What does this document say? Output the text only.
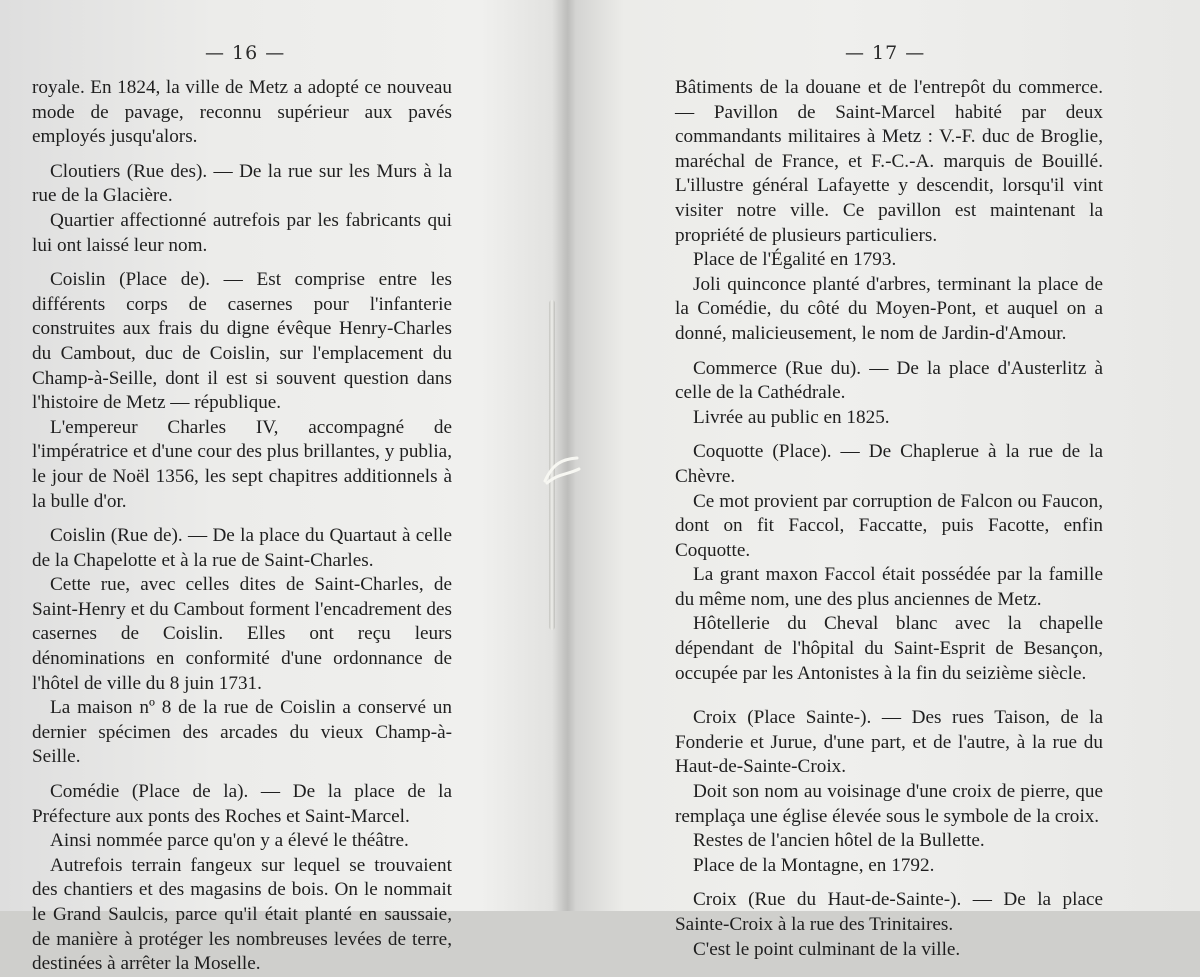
— 16 —

royale. En 1824, la ville de Metz a adopté ce nouveau mode de pavage, reconnu supérieur aux pavés employés jusqu'alors.

Cloutiers (Rue des). — De la rue sur les Murs à la rue de la Glacière.

Quartier affectionné autrefois par les fabricants qui lui ont laissé leur nom.

Coislin (Place de). — Est comprise entre les différents corps de casernes pour l'infanterie construites aux frais du digne évêque Henry-Charles du Cambout, duc de Coislin, sur l'emplacement du Champ-à-Seille, dont il est si souvent question dans l'histoire de Metz — république.

L'empereur Charles IV, accompagné de l'impératrice et d'une cour des plus brillantes, y publia, le jour de Noël 1356, les sept chapitres additionnels à la bulle d'or.

Coislin (Rue de). — De la place du Quartaut à celle de la Chapelotte et à la rue de Saint-Charles.

Cette rue, avec celles dites de Saint-Charles, de Saint-Henry et du Cambout forment l'encadrement des casernes de Coislin. Elles ont reçu leurs dénominations en conformité d'une ordonnance de l'hôtel de ville du 8 juin 1731.

La maison nº 8 de la rue de Coislin a conservé un dernier spécimen des arcades du vieux Champ-à-Seille.

Comédie (Place de la). — De la place de la Préfecture aux ponts des Roches et Saint-Marcel.

Ainsi nommée parce qu'on y a élevé le théâtre.

Autrefois terrain fangeux sur lequel se trouvaient des chantiers et des magasins de bois. On le nommait le Grand Saulcis, parce qu'il était planté en saussaie, de manière à protéger les nombreuses levées de terre, destinées à arrêter la Moselle.

— 17 —

Bâtiments de la douane et de l'entrepôt du commerce. — Pavillon de Saint-Marcel habité par deux commandants militaires à Metz : V.-F. duc de Broglie, maréchal de France, et F.-C.-A. marquis de Bouillé. L'illustre général Lafayette y descendit, lorsqu'il vint visiter notre ville. Ce pavillon est maintenant la propriété de plusieurs particuliers.

Place de l'Égalité en 1793.

Joli quinconce planté d'arbres, terminant la place de la Comédie, du côté du Moyen-Pont, et auquel on a donné, malicieusement, le nom de Jardin-d'Amour.

Commerce (Rue du). — De la place d'Austerlitz à celle de la Cathédrale.

Livrée au public en 1825.

Coquotte (Place). — De Chaplerue à la rue de la Chèvre.

Ce mot provient par corruption de Falcon ou Faucon, dont on fit Faccol, Faccatte, puis Facotte, enfin Coquotte.

La grant maxon Faccol était possédée par la famille du même nom, une des plus anciennes de Metz.

Hôtellerie du Cheval blanc avec la chapelle dépendant de l'hôpital du Saint-Esprit de Besançon, occupée par les Antonistes à la fin du seizième siècle.

Croix (Place Sainte-). — Des rues Taison, de la Fonderie et Jurue, d'une part, et de l'autre, à la rue du Haut-de-Sainte-Croix.

Doit son nom au voisinage d'une croix de pierre, que remplaça une église élevée sous le symbole de la croix.

Restes de l'ancien hôtel de la Bullette.

Place de la Montagne, en 1792.

Croix (Rue du Haut-de-Sainte-). — De la place Sainte-Croix à la rue des Trinitaires.

C'est le point culminant de la ville.
